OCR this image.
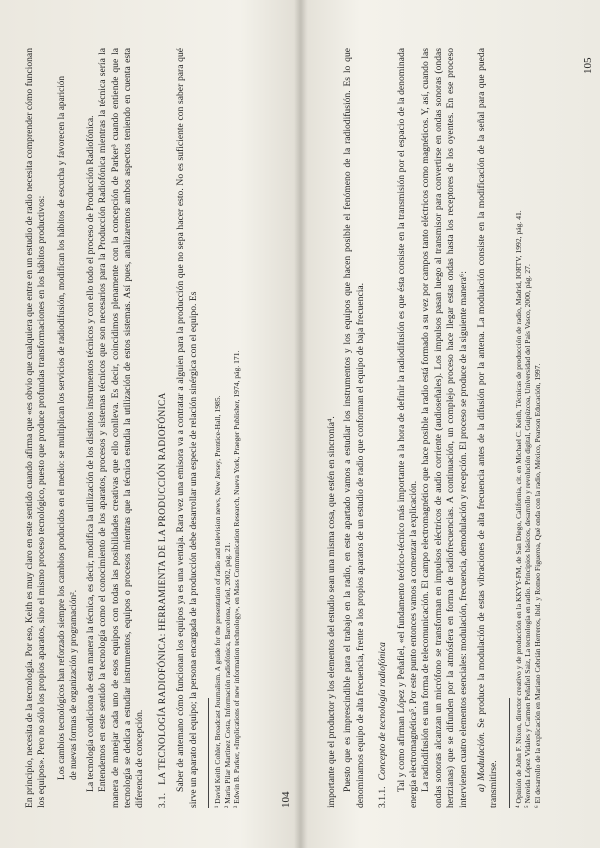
En principio, necesita de la tecnología. Por eso, Keith es muy claro en este sentido cuando afirma que «es obvio que cualquiera que entre en un estudio de radio necesita comprender cómo funcionan los equipos». Pero no sólo los propios aparatos, sino el mismo proceso tecnológico, puesto que produce profundas transformaciones en los hábitos productivos: Los cambios tecnológicos han reforzado siempre los cambios producidos en el medio: se multiplican los servicios de radiodifusión, modifican los hábitos de escucha y favorecen la aparición de nuevas formas de organización y programación². La tecnología condiciona de esta manera la técnica, es decir, modifica la utilización de los distintos instrumentos técnicos y con ello todo el proceso de Producción Radiofónica. Entendemos en este sentido la tecnología como el conocimiento de los aparatos, procesos y sistemas técnicos que son necesarios para la Producción Radiofónica mientras la técnica sería la manera de manejar cada uno de esos equipos con todas las posibilidades creativas que ello conlleva. Es decir, coincidimos plenamente con la concepción de Parker³ cuando entiende que la tecnología se dedica a estudiar instrumentos, equipos o procesos mientras que la técnica estudia la utilización de estos sistemas. Así pues, analizaremos ambos aspectos teniendo en cuenta esta diferencia de concepción. 3.1.LA TECNOLOGÍA RADIOFÓNICA: HERRAMIENTA DE LA PRODUCCIÓN RADIOFÓNICA Saber de antemano cómo funcionan los equipos ya es una ventaja. Rara vez una emisora va a contratar a alguien para la producción que no sepa hacer esto. No es suficiente con saber para qué sirve un aparato del equipo; la persona encargada de la producción debe desarrollar una especie de relación sinérgica con el equipo. Es ¹ David Keith Cohler, Broadcast Journalism. A guide for the presentation of radio and television news, New Jersey, Prentice-Hall, 1985. ² Maria Pilar Martínez Costa, Información radiofónica, Barcelona, Ariel, 2002, pág. 21. ³ Edwin B. Parker, «Implications of new information technology», en Mass Communication Research, Nueva York, Praeger Publisher, 1974, pág. 171.	104	importante que el productor y los elementos del estudio sean una misma cosa, que estén en sincronía⁴. Puesto que es imprescindible para el trabajo en la radio, en este apartado vamos a estudiar los instrumentos y los equipos que hacen posible el fenómeno de la radiodifusión. Es lo que denominamos equipo de alta frecuencia, frente a los propios aparatos de un estudio de radio que conforman el equipo de baja frecuencia. 3.1.1.Concepto de tecnología radiofónica Tal y como afirman López y Peñafiel, «el fundamento teórico-técnico más importante a la hora de definir la radiodifusión es que ésta consiste en la transmisión por el espacio de la denominada energía electromagnética⁵. Por este punto entonces vamos a comenzar la explicación. La radiodifusión es una forma de telecomunicación. El campo electromagnético que hace posible la radio está formado a su vez por campos tanto eléctricos como magnéticos. Y, así, cuando las ondas sonoras alcanzan un micrófono se transforman en impulsos eléctricos de audio corriente (audioseñales). Los impulsos pasan luego al transmisor para convertirse en ondas sonoras (ondas hertzianas) que se difunden por la atmósfera en forma de radiofrecuencias. A continuación, un complejo proceso hace llegar estas ondas hasta los receptores de los oyentes. En ese proceso intervienen cuatro elementos esenciales: modulación, frecuencia, demodulación y recepción. El proceso se produce de la siguiente manera⁶: a) Modulación.Se produce la modulación de estas vibraciones de alta frecuencia antes de la difusión por la antena. La modulación consiste en la modificación de la señal para que pueda transmitirse. ⁴ Opinión de John F. Nixon, director creativo y de producción en la KKYY-FM, de San Diego, California, cit. en Michael C. Keith, Técnicas de producción de radio, Madrid, IORTV, 1992, pág. 41. ⁵ Nereida López Vidales y Carmen Peñafiel Saiz, La tecnología en radio. Principios básicos, desarrollo y revolución digital, Guipúzcoa, Universidad del País Vasco, 2000, pág. 27. ⁶ El desarrollo de la explicación en Mariano Cebrián Herreros, ibid. y Romeo Figueroa, Qué onda con la radio, México, Pearson Educación, 1997.

105
